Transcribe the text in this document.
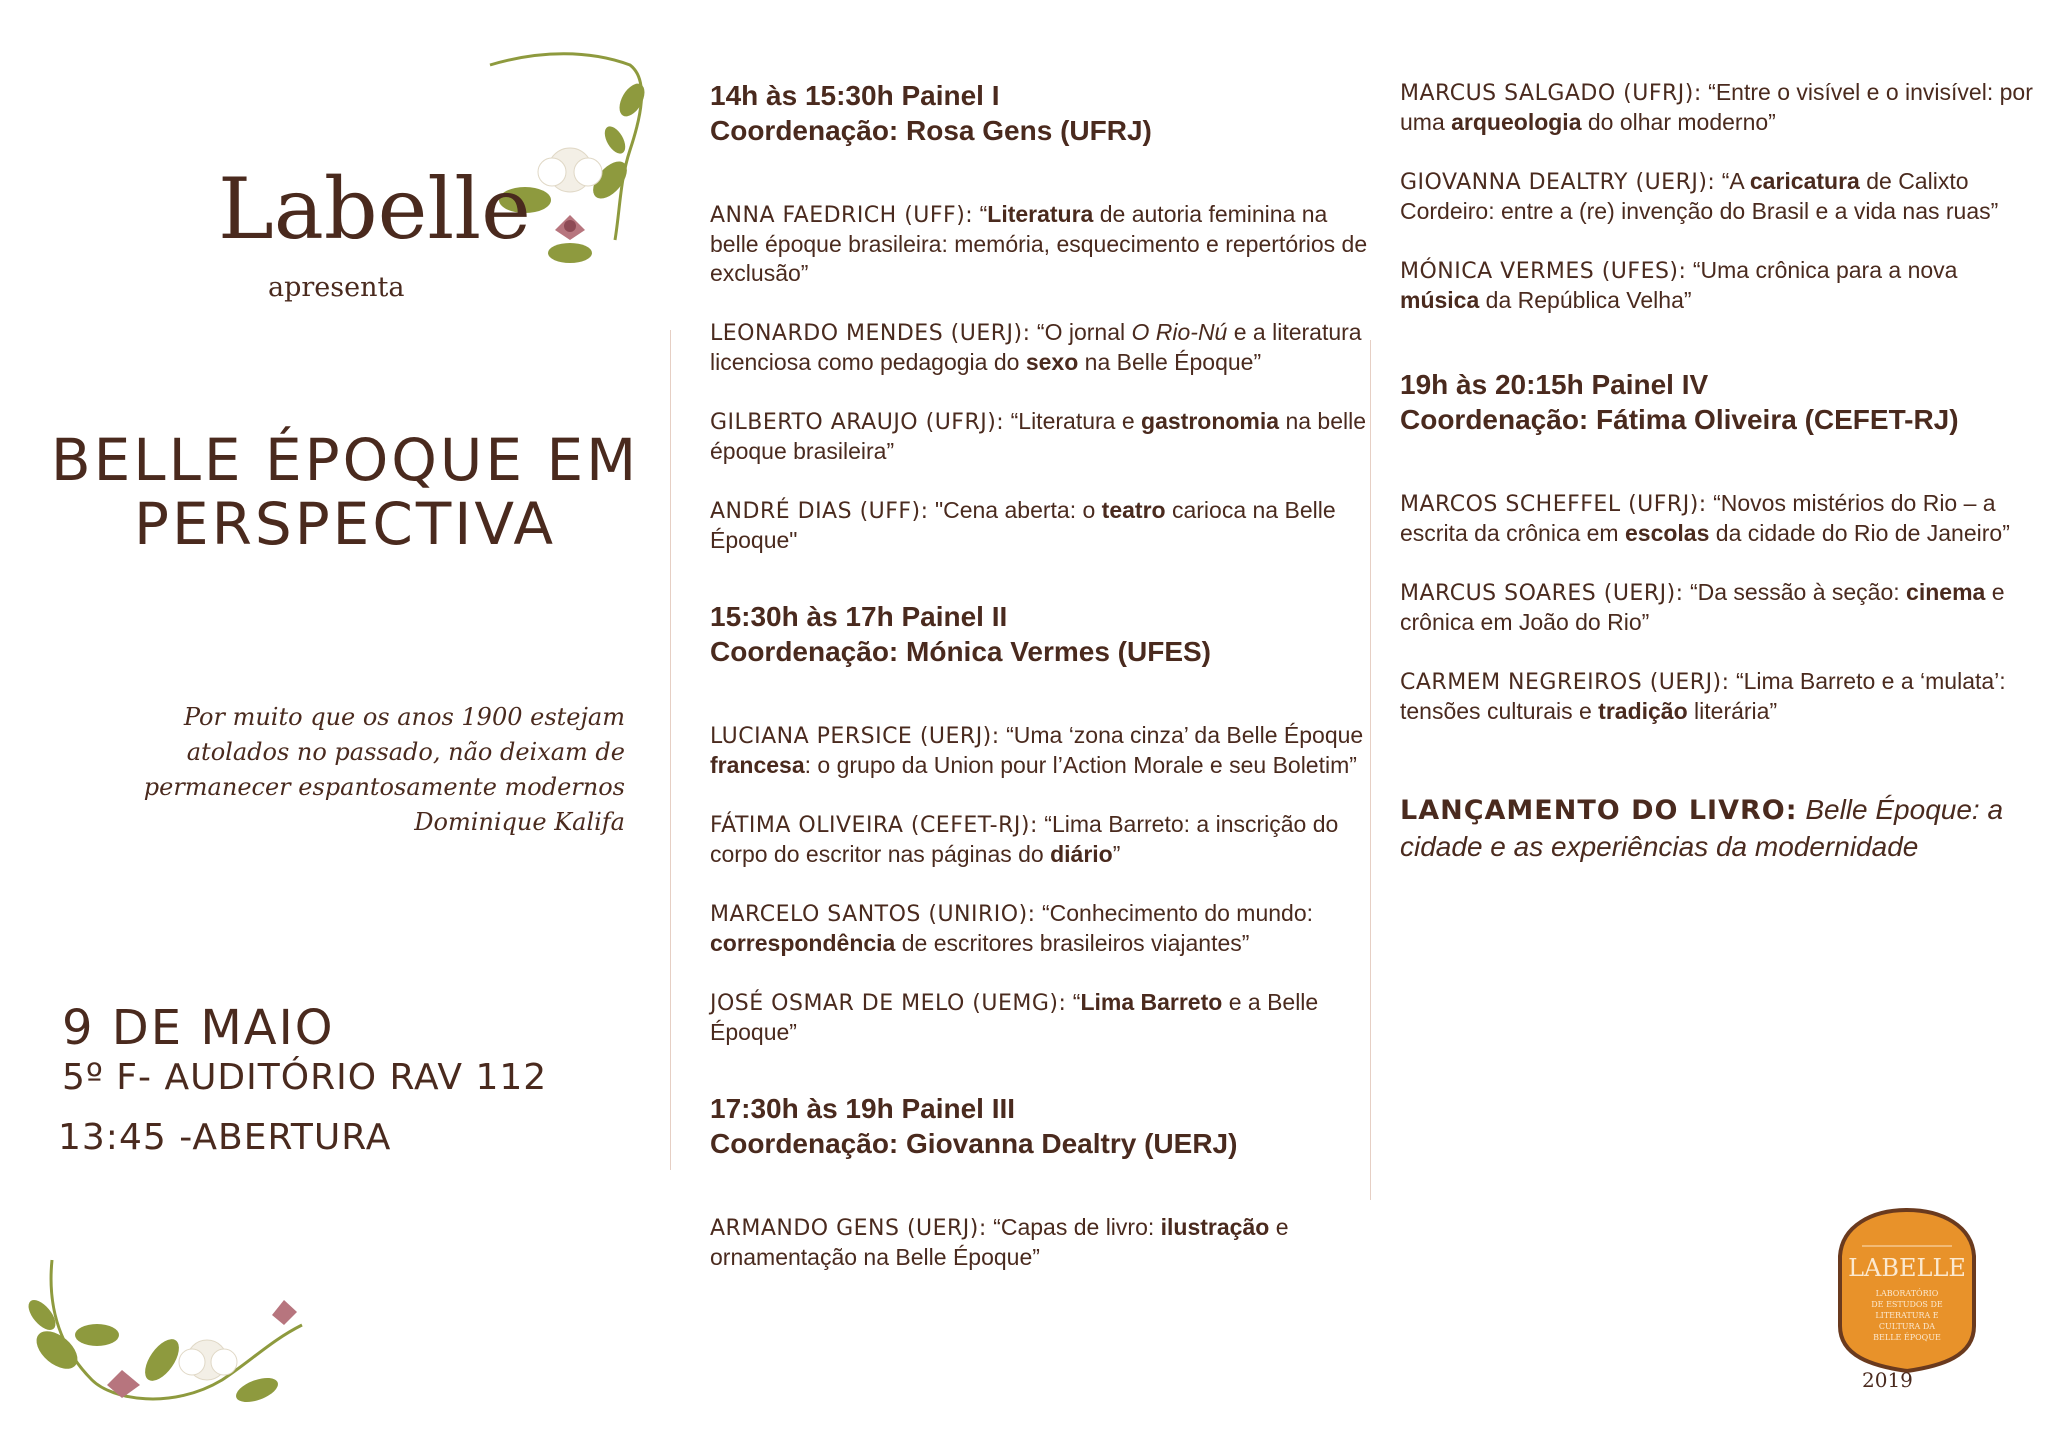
Labelle
apresenta
BELLE ÉPOQUE EM
PERSPECTIVA
Por muito que os anos 1900 estejam
atolados no passado, não deixam de
permanecer espantosamente modernos
Dominique Kalifa
9 DE MAIO
5º F- AUDITÓRIO RAV 112
13:45 -ABERTURA

14h às 15:30h Painel I

Coordenação: Rosa Gens (UFRJ)

ANNA FAEDRICH (UFF): “Literatura de autoria feminina na belle époque brasileira: memória, esquecimento e repertórios de exclusão”

LEONARDO MENDES (UERJ): “O jornal O Rio-Nú e a literatura licenciosa como pedagogia do sexo na Belle Époque”

GILBERTO ARAUJO (UFRJ): “Literatura e gastronomia na belle époque brasileira”

ANDRÉ DIAS (UFF): "Cena aberta: o teatro carioca na Belle Époque"

15:30h às 17h Painel II

Coordenação: Mónica Vermes (UFES)

LUCIANA PERSICE (UERJ): “Uma ‘zona cinza’ da Belle Époque francesa: o grupo da Union pour l’Action Morale e seu Boletim”

FÁTIMA OLIVEIRA (CEFET-RJ): “Lima Barreto: a inscrição do corpo do escritor nas páginas do diário”

MARCELO SANTOS (UNIRIO): “Conhecimento do mundo: correspondência de escritores brasileiros viajantes”

JOSÉ OSMAR DE MELO (UEMG): “Lima Barreto e a Belle Époque”

17:30h às 19h Painel III

Coordenação: Giovanna Dealtry (UERJ)

ARMANDO GENS (UERJ): “Capas de livro: ilustração e ornamentação na Belle Époque”

MARCUS SALGADO (UFRJ): “Entre o visível e o invisível: por uma arqueologia do olhar moderno”

GIOVANNA DEALTRY (UERJ): “A caricatura de Calixto Cordeiro: entre a (re) invenção do Brasil e a vida nas ruas”

MÓNICA VERMES (UFES): “Uma crônica para a nova música da República Velha”

19h às 20:15h Painel IV

Coordenação: Fátima Oliveira (CEFET-RJ)

MARCOS SCHEFFEL (UFRJ): “Novos mistérios do Rio – a escrita da crônica em escolas da cidade do Rio de Janeiro”

MARCUS SOARES (UERJ): “Da sessão à seção: cinema e crônica em João do Rio”

CARMEM NEGREIROS (UERJ): “Lima Barreto e a ‘mulata’: tensões culturais e tradição literária”

LANÇAMENTO DO LIVRO: Belle Époque: a cidade e as experiências da modernidade
LABELLE
LABORATÓRIO
DE ESTUDOS DE
LITERATURA E
CULTURA DA
BELLE ÉPOQUE
2019
